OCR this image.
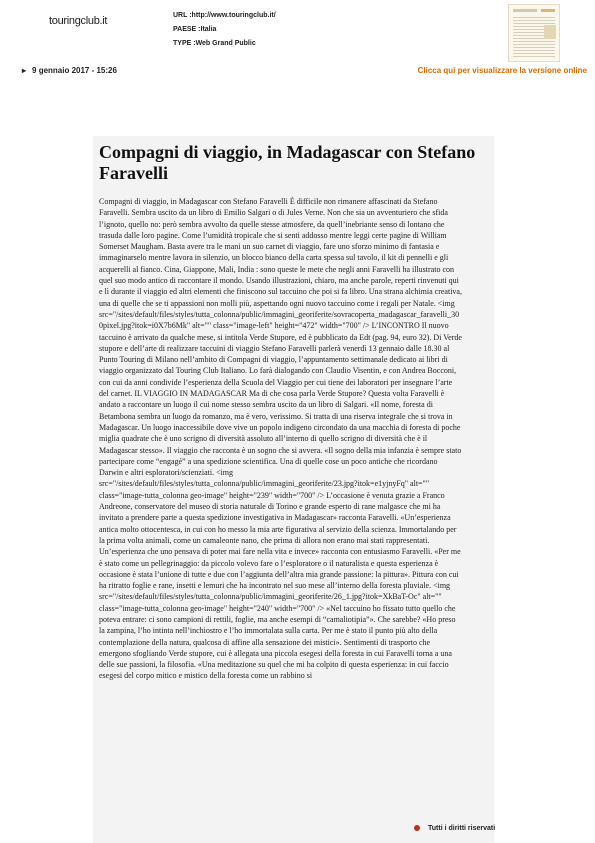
touringclub.it	URL :http://www.touringclub.it/
PAESE :Italia
TYPE :Web Grand Public
▸ 9 gennaio 2017 - 15:26	Clicca qui per visualizzare la versione online
Compagni di viaggio, in Madagascar con Stefano Faravelli

Compagni di viaggio, in Madagascar con Stefano Faravelli È difficile non rimanere affascinati da Stefano Faravelli. Sembra uscito da un libro di Emilio Salgari o di Jules Verne. Non che sia un avventuriero che sfida l’ignoto, quello no: però sembra avvolto da quelle stesse atmosfere, da quell’inebriante senso di lontano che trasuda dalle loro pagine. Come l’umidità tropicale che si senti addosso mentre leggi certe pagine di William Somerset Maugham. Basta avere tra le mani un suo carnet di viaggio, fare uno sforzo minimo di fantasia e immaginarselo mentre lavora in silenzio, un blocco bianco della carta spessa sul tavolo, il kit di pennelli e gli acquerelli al fianco. Cina, Giappone, Mali, India : sono queste le mete che negli anni Faravelli ha illustrato con quel suo modo antico di raccontare il mondo. Usando illustrazioni, chiaro, ma anche parole, reperti rinvenuti qui e lì durante il viaggio ed altri elementi che finiscono sul taccuino che poi si fa libro. Una strana alchimia creativa, una di quelle che se ti appassioni non molli più, aspettando ogni nuovo taccuino come i regali per Natale. <img src="/sites/default/files/styles/tutta_colonna/public/immagini_georiferite/sovracoperta_madagascar_faravelli_300pixel.jpg?itok=i0X7b6Mk" alt="" class="image-left" height="472" width="700" /> L’INCONTRO Il nuovo taccuino è arrivato da qualche mese, si intitola Verde Stupore, ed è pubblicato da Edt (pag. 94, euro 32). Di Verde stupore e dell’arte di realizzare taccuini di viaggio Stefano Faravelli parlerà venerdì 13 gennaio dalle 18.30 al Punto Touring di Milano nell’ambito di Compagni di viaggio, l’appuntamento settimanale dedicato ai libri di viaggio organizzato dal Touring Club Italiano. Lo farà dialogando con Claudio Visentin, e con Andrea Bocconi, con cui da anni condivide l’esperienza della Scuola del Viaggio per cui tiene dei laboratori per insegnare l’arte del carnet. IL VIAGGIO IN MADAGASCAR Ma di che cosa parla Verde Stupore? Questa volta Faravelli è andato a raccontare un luogo il cui nome stesso sembra uscito da un libro di Salgari. «Il nome, foresta di Betambona sembra un luogo da romanzo, ma è vero, verissimo. Si tratta di una riserva integrale che si trova in Madagascar. Un luogo inaccessibile dove vive un popolo indigeno circondato da una macchia di foresta di poche miglia quadrate che è uno scrigno di diversità assoluto all’interno di quello scrigno di diversità che è il Madagascar stesso». Il viaggio che racconta è un sogno che si avvera. «Il sogno della mia infanzia è sempre stato partecipare come “engagé” a una spedizione scientifica. Una di quelle cose un poco antiche che ricordano Darwin e altri esploratori/scienziati. <img src="/sites/default/files/styles/tutta_colonna/public/immagini_georiferite/23.jpg?itok=e1yjnyFq" alt="" class="image-tutta_colonna geo-image" height="239" width="700" /> L’occasione è venuta grazie a Franco Andreone, conservatore del museo di storia naturale di Torino e grande esperto di rane malgasce che mi ha invitato a prendere parte a questa spedizione investigativa in Madagascar» racconta Faravelli. «Un’esperienza antica molto ottocentesca, in cui con ho messo la mia arte figurativa al servizio della scienza. Immortalando per la prima volta animali, come un camaleonte nano, che prima di allora non erano mai stati rappresentati. Un’esperienza che uno pensava di poter mai fare nella vita e invece» racconta con entusiasmo Faravelli. «Per me è stato come un pellegrinaggio: da piccolo volevo fare o l’esploratore o il naturalista e questa esperienza è occasione è stata l’unione di tutte e due con l’aggiunta dell’altra mia grande passione: la pittura». Pittura con cui ha ritratto foglie e rane, insetti e lemuri che ha incontrato nel suo mese all’interno della foresta pluviale. <img src="/sites/default/files/styles/tutta_colonna/public/immagini_georiferite/26_1.jpg?itok=XkBaT-Oc" alt="" class="image-tutta_colonna geo-image" height="240" width="700" /> «Nel taccuino ho fissato tutto quello che poteva entrare: ci sono campioni di rettili, foglie, ma anche esempi di “camaliotipia”». Che sarebbe? «Ho preso la zampina, l’ho intinta nell’inchiostro e l’ho immortalata sulla carta. Per me è stato il punto più alto della contemplazione della natura, qualcosa di affine alla sensazione dei mistici». Sentimenti di trasporto che emergono sfogliando Verde stupore, cui è allegata una piccola esegesi della foresta in cui Faravelli torna a una delle sue passioni, la filosofia. «Una meditazione su quel che mi ha colpito di questa esperienza: in cui faccio esegesi del corpo mitico e mistico della foresta come un rabbino si

Tutti i diritti riservati
